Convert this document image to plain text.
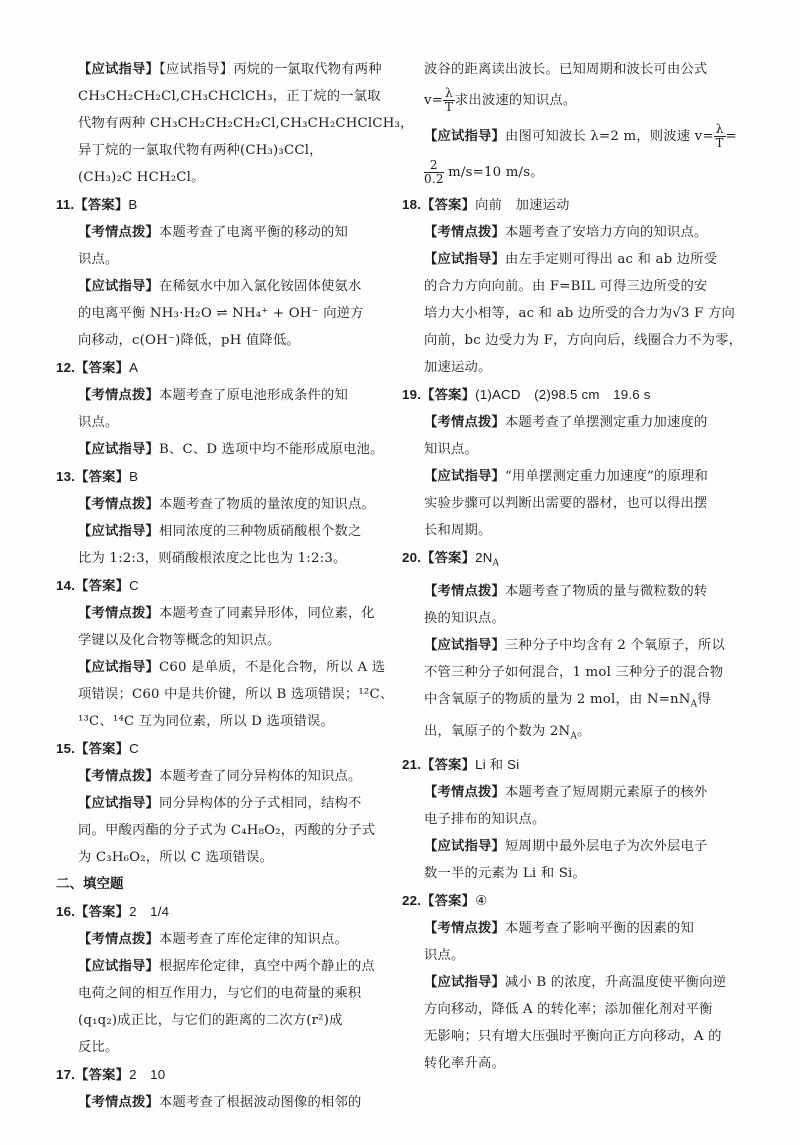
【应试指导】【应试指导】丙烷的一氯取代物有两种
CH₃CH₂CH₂Cl,CH₃CHClCH₃，正丁烷的一氯取
代物有两种 CH₃CH₂CH₂CH₂Cl,CH₃CH₂CHClCH₃，
异丁烷的一氯取代物有两种(CH₃)₃CCl，
(CH₃)₂C HCH₂Cl。
11.【答案】B
【考情点拨】本题考查了电离平衡的移动的知
识点。
【应试指导】在稀氨水中加入氯化铵固体使氨水
的电离平衡 NH₃·H₂O ⇌ NH₄⁺ + OH⁻ 向逆方
向移动，c(OH⁻)降低，pH 值降低。
12.【答案】A
【考情点拨】本题考查了原电池形成条件的知
识点。
【应试指导】B、C、D 选项中均不能形成原电池。
13.【答案】B
【考情点拨】本题考查了物质的量浓度的知识点。
【应试指导】相同浓度的三种物质硝酸根个数之
比为 1:2:3，则硝酸根浓度之比也为 1:2:3。
14.【答案】C
【考情点拨】本题考查了同素异形体，同位素，化
学键以及化合物等概念的知识点。
【应试指导】C60 是单质，不是化合物，所以 A 选
项错误；C60 中是共价键，所以 B 选项错误；¹²C、
¹³C、¹⁴C 互为同位素，所以 D 选项错误。
15.【答案】C
【考情点拨】本题考查了同分异构体的知识点。
【应试指导】同分异构体的分子式相同，结构不
同。甲酸丙酯的分子式为 C₄H₈O₂，丙酸的分子式
为 C₃H₆O₂，所以 C 选项错误。
二、填空题
16.【答案】2　1/4
【考情点拨】本题考查了库伦定律的知识点。
【应试指导】根据库伦定律，真空中两个静止的点
电荷之间的相互作用力，与它们的电荷量的乘积
(q₁q₂)成正比，与它们的距离的二次方(r²)成
反比。
17.【答案】2　10
【考情点拨】本题考查了根据波动图像的相邻的
波谷的距离读出波长。已知周期和波长可由公式
$v= \frac{\lambda}{T}$ 求出波速的知识点。
【应试指导】由图可知波长 λ=2 m，则波速 $v= \frac{\lambda}{T}$ =
$\frac{2}{0.2} m/s=10$ m/s。
18.【答案】向前　加速运动
【考情点拨】本题考查了安培力方向的知识点。
【应试指导】由左手定则可得出 ac 和 ab 边所受
的合力方向向前。由 F=BIL 可得三边所受的安
培力大小相等，ac 和 ab 边所受的合力为√3 F 方向
向前，bc 边受力为 F，方向向后，线圈合力不为零，
加速运动。
19.【答案】(1)ACD　(2)98.5 cm　19.6 s
【考情点拨】本题考查了单摆测定重力加速度的
知识点。
【应试指导】“用单摆测定重力加速度”的原理和
实验步骤可以判断出需要的器材，也可以得出摆
长和周期。
20.【答案】$2N_A$
【考情点拨】本题考查了物质的量与微粒数的转
换的知识点。
【应试指导】三种分子中均含有 2 个氧原子，所以
不管三种分子如何混合，1 mol 三种分子的混合物
中含氧原子的物质的量为 2 mol，由 $N=nN_A$得
出，氧原子的个数为 $2N_A$。
21.【答案】Li 和 Si
【考情点拨】本题考查了短周期元素原子的核外
电子排布的知识点。
【应试指导】短周期中最外层电子为次外层电子
数一半的元素为 Li 和 Si。
22.【答案】④
【考情点拨】本题考查了影响平衡的因素的知
识点。
【应试指导】减小 B 的浓度，升高温度使平衡向逆
方向移动，降低 A 的转化率；添加催化剂对平衡
无影响；只有增大压强时平衡向正方向移动，A 的
转化率升高。
